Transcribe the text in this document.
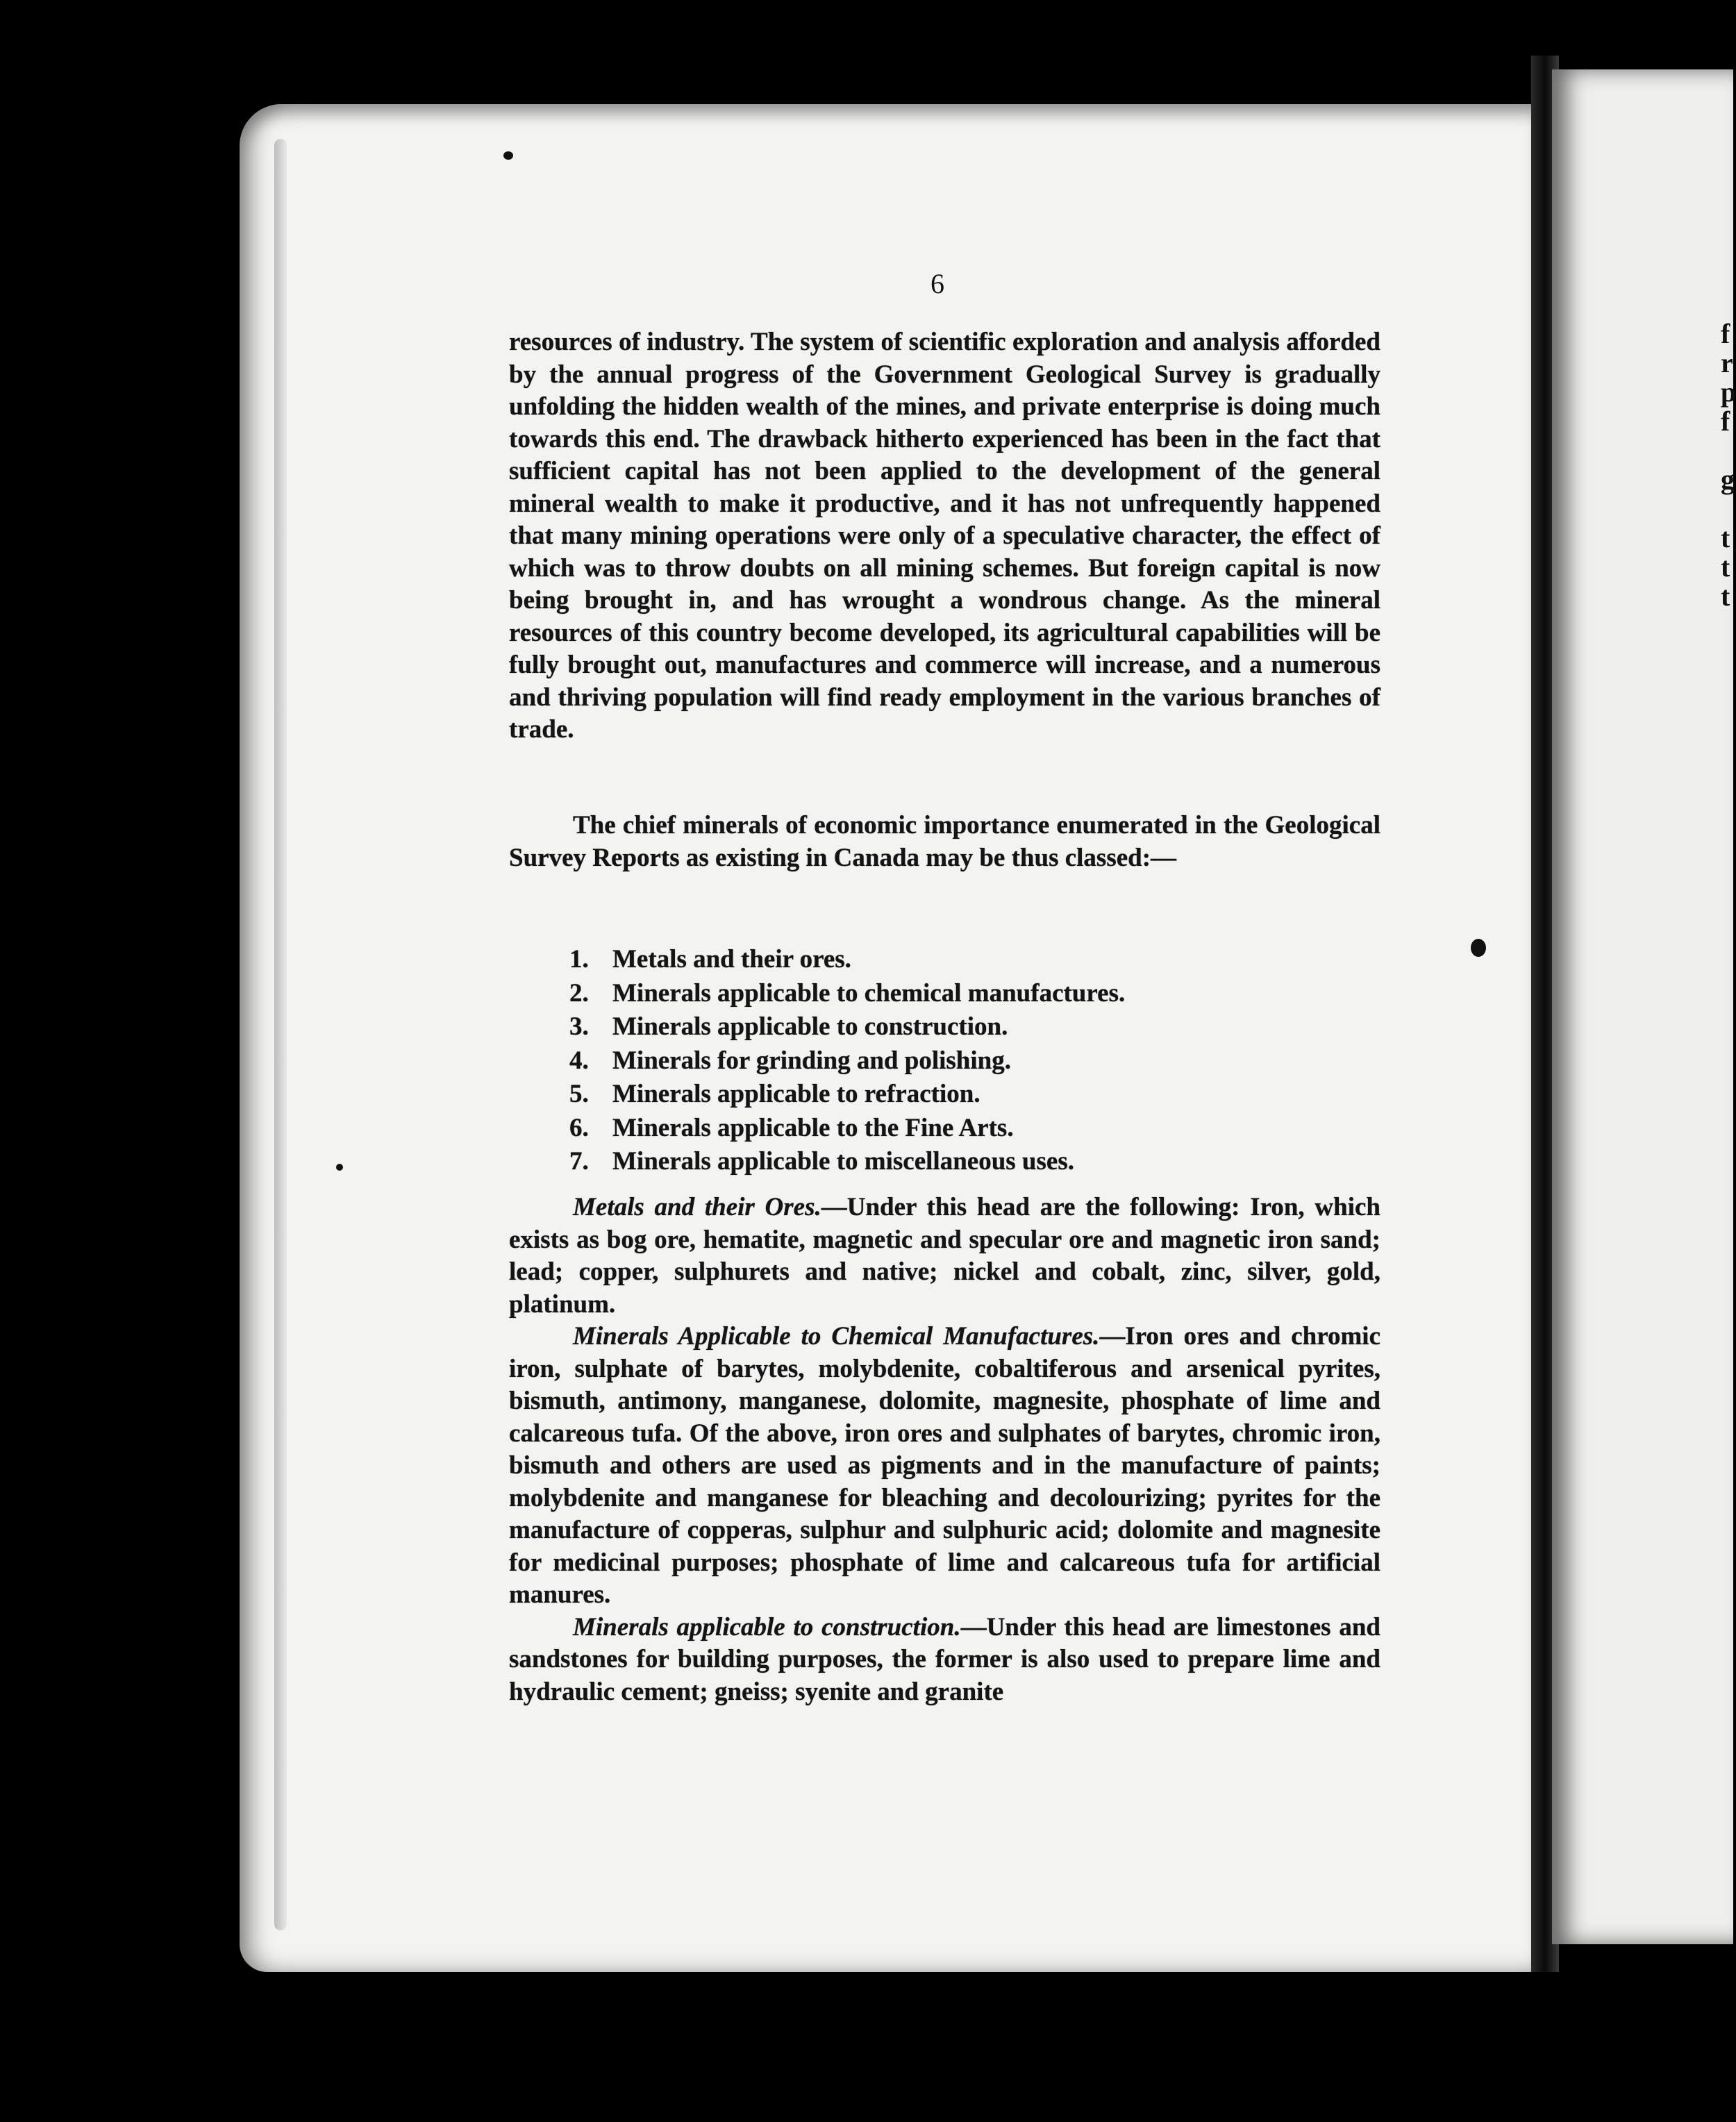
f
r
p
f

g

t
t
t
6

resources of industry. The system of scientific exploration and analysis afforded by the annual progress of the Government Geological Survey is gradually unfolding the hidden wealth of the mines, and private enterprise is doing much towards this end. The drawback hitherto experienced has been in the fact that sufficient capital has not been applied to the development of the general mineral wealth to make it productive, and it has not unfrequently happened that many mining operations were only of a speculative character, the effect of which was to throw doubts on all mining schemes. But foreign capital is now being brought in, and has wrought a wondrous change. As the mineral resources of this country become developed, its agricultural capabilities will be fully brought out, manufactures and commerce will increase, and a numerous and thriving population will find ready employment in the various branches of trade.

The chief minerals of economic importance enumerated in the Geological Survey Reports as existing in Canada may be thus classed:—

1. Metals and their ores.
2. Minerals applicable to chemical manufactures.
3. Minerals applicable to construction.
4. Minerals for grinding and polishing.
5. Minerals applicable to refraction.
6. Minerals applicable to the Fine Arts.
7. Minerals applicable to miscellaneous uses.

Metals and their Ores.—Under this head are the following: Iron, which exists as bog ore, hematite, magnetic and specular ore and magnetic iron sand; lead; copper, sulphurets and native; nickel and cobalt, zinc, silver, gold, platinum.

Minerals Applicable to Chemical Manufactures.—Iron ores and chromic iron, sulphate of barytes, molybdenite, cobaltiferous and arsenical pyrites, bismuth, antimony, manganese, dolomite, magnesite, phosphate of lime and calcareous tufa. Of the above, iron ores and sulphates of barytes, chromic iron, bismuth and others are used as pigments and in the manufacture of paints; molybdenite and manganese for bleaching and decolourizing; pyrites for the manufacture of copperas, sulphur and sulphuric acid; dolomite and magnesite for medicinal purposes; phosphate of lime and calcareous tufa for artificial manures.

Minerals applicable to construction.—Under this head are limestones and sandstones for building purposes, the former is also used to prepare lime and hydraulic cement; gneiss; syenite and granite
